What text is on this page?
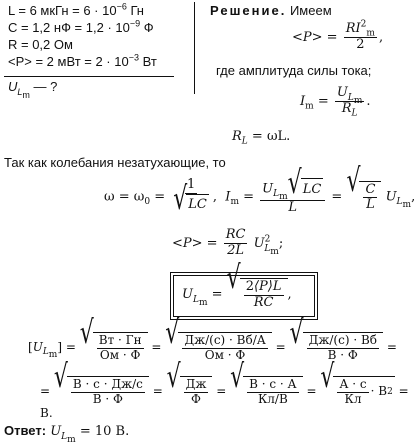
L = 6 мкГн = $6 \cdot 10^{-6}$ Гн
C = 1,2 нФ = $1,2 \cdot 10^{-9}$ Ф
R = 0,2 Ом
<P> = 2 мВт = $2 \cdot 10^{-3}$ Вт
$U_{L_m}$ — ?
Решение. Имеем
$<P> = \frac{RI^2_m}{2}$ ,
где амплитуда силы тока;
$I_m = \frac{U_{L_m}}{R_L}$ .
$R_L = \omega L$.
Так как колебания незатухающие, то
$\omega = \omega_0 = \frac{1}{√ LC}$ ,  $I_m = \frac{U_{L_m} √ LC}{L}$ = √ $\frac{C}{L} U_{L_m}$,
$<P> = \frac{RC}{2L} U^2_{L_m}$;
$U_{L_m}$ = √ $\frac{2⟨P⟩L}{RC}$ ,
$[U_{L_m}]$ = √ $\frac{Вт \cdot Гн}{Ом \cdot Ф}$ = √ $\frac{Дж/(с) \cdot Вб/А}{Ом \cdot Ф}$ = √ $\frac{Дж/(с) \cdot Вб}{В \cdot Ф}$ =
= √ $\frac{В \cdot с \cdot Дж/с}{В \cdot Ф}$ = √ $\frac{Дж}{Ф}$ = √ $\frac{В \cdot с \cdot А}{Кл/В}$ = √ $\frac{А \cdot с}{Кл} \cdot В$ 2 = В.
Ответ: $U_{L_m} = 10$ В.
